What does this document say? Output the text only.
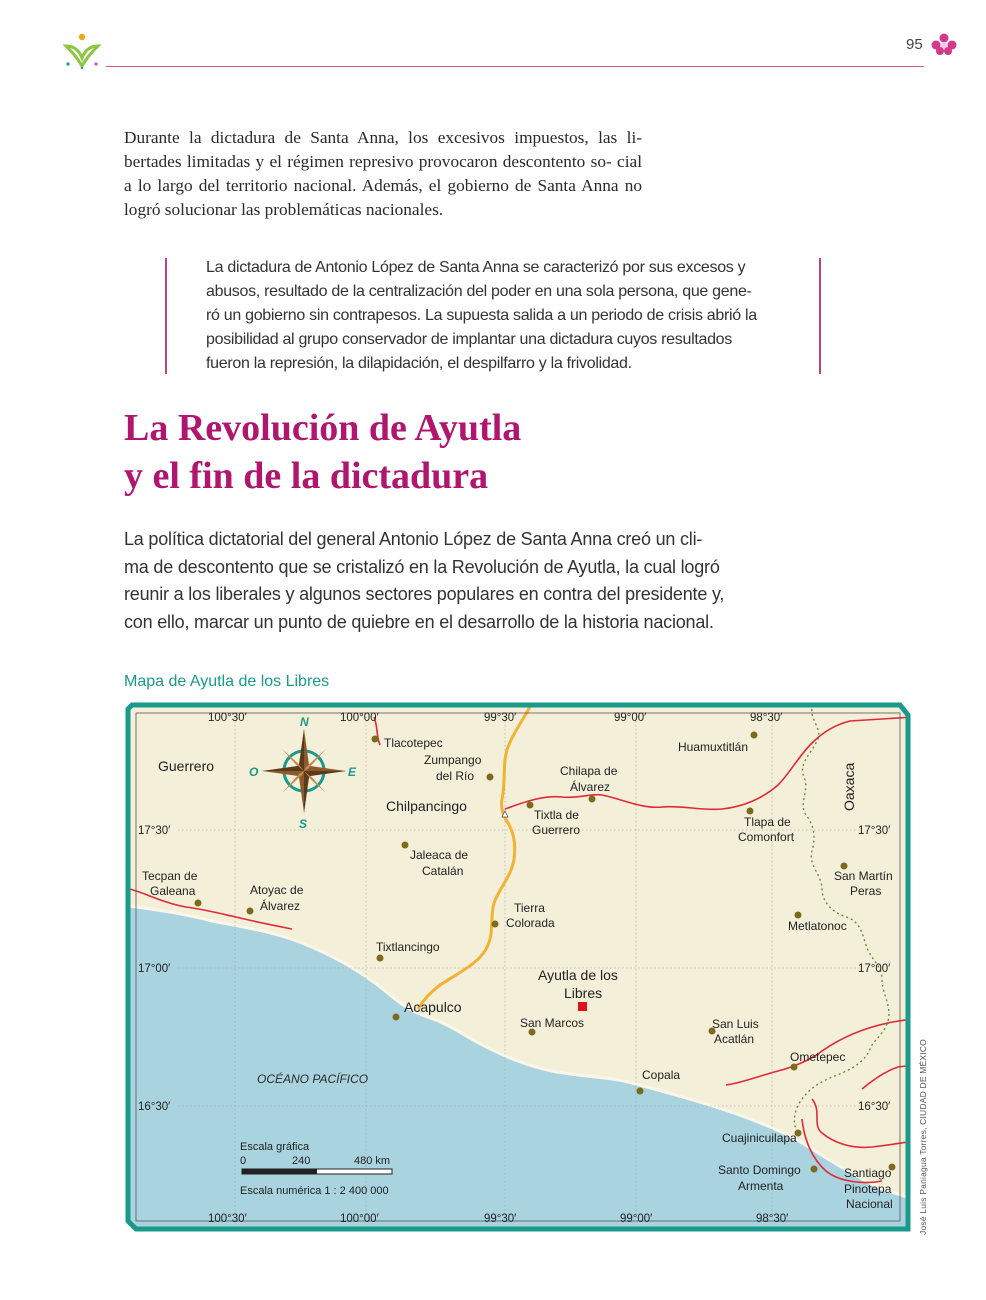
95

Durante la dictadura de Santa Anna, los excesivos impuestos, las li- bertades limitadas y el régimen represivo provocaron descontento so- cial a lo largo del territorio nacional. Además, el gobierno de Santa Anna no logró solucionar las problemáticas nacionales.

La dictadura de Antonio López de Santa Anna se caracterizó por sus excesos y
abusos, resultado de la centralización del poder en una sola persona, que gene-
ró un gobierno sin contrapesos. La supuesta salida a un periodo de crisis abrió la
posibilidad al grupo conservador de implantar una dictadura cuyos resultados
fueron la represión, la dilapidación, el despilfarro y la frivolidad.

La Revolución de Ayutla
y el fin de la dictadura

La política dictatorial del general Antonio López de Santa Anna creó un cli-
ma de descontento que se cristalizó en la Revolución de Ayutla, la cual logró
reunir a los liberales y algunos sectores populares en contra del presidente y,
con ello, marcar un punto de quiebre en el desarrollo de la historia nacional.

Mapa de Ayutla de los Libres

N
S
E
O
100°30′	100°00′	99°30′	99°00′	98°30′
100°30′	100°00′	99°30′	99°00′	98°30′
17°30′
17°00′
16°30′
17°30′
17°00′
16°30′
Guerrero	Oaxaca
OCÉANO PACÍFICO
Tlacotepec
Zumpango
del Río
Chilpancingo
Chilapa de
Álvarez
Huamuxtitlán
Tixtla de
Guerrero
Tlapa de
Comonfort
Tecpan de
Galeana	Atoyac de
Álvarez
Jaleaca de
Catalán
Tierra
Colorada
San Martín
Peras
Metlatonoc
Tixtlancingo
Ayutla de los
Libres
Acapulco
San Marcos	San Luis
Acatlán
Ometepec
Copala
Cuajinicuilapa
Santo Domingo
Armenta
Santiago
Pinotepa
Nacional
Escala gráfica
0	240	480 km
Escala numérica 1 : 2 400 000	José Luis Paniagua Torres, CIUDAD DE MÉXICO
